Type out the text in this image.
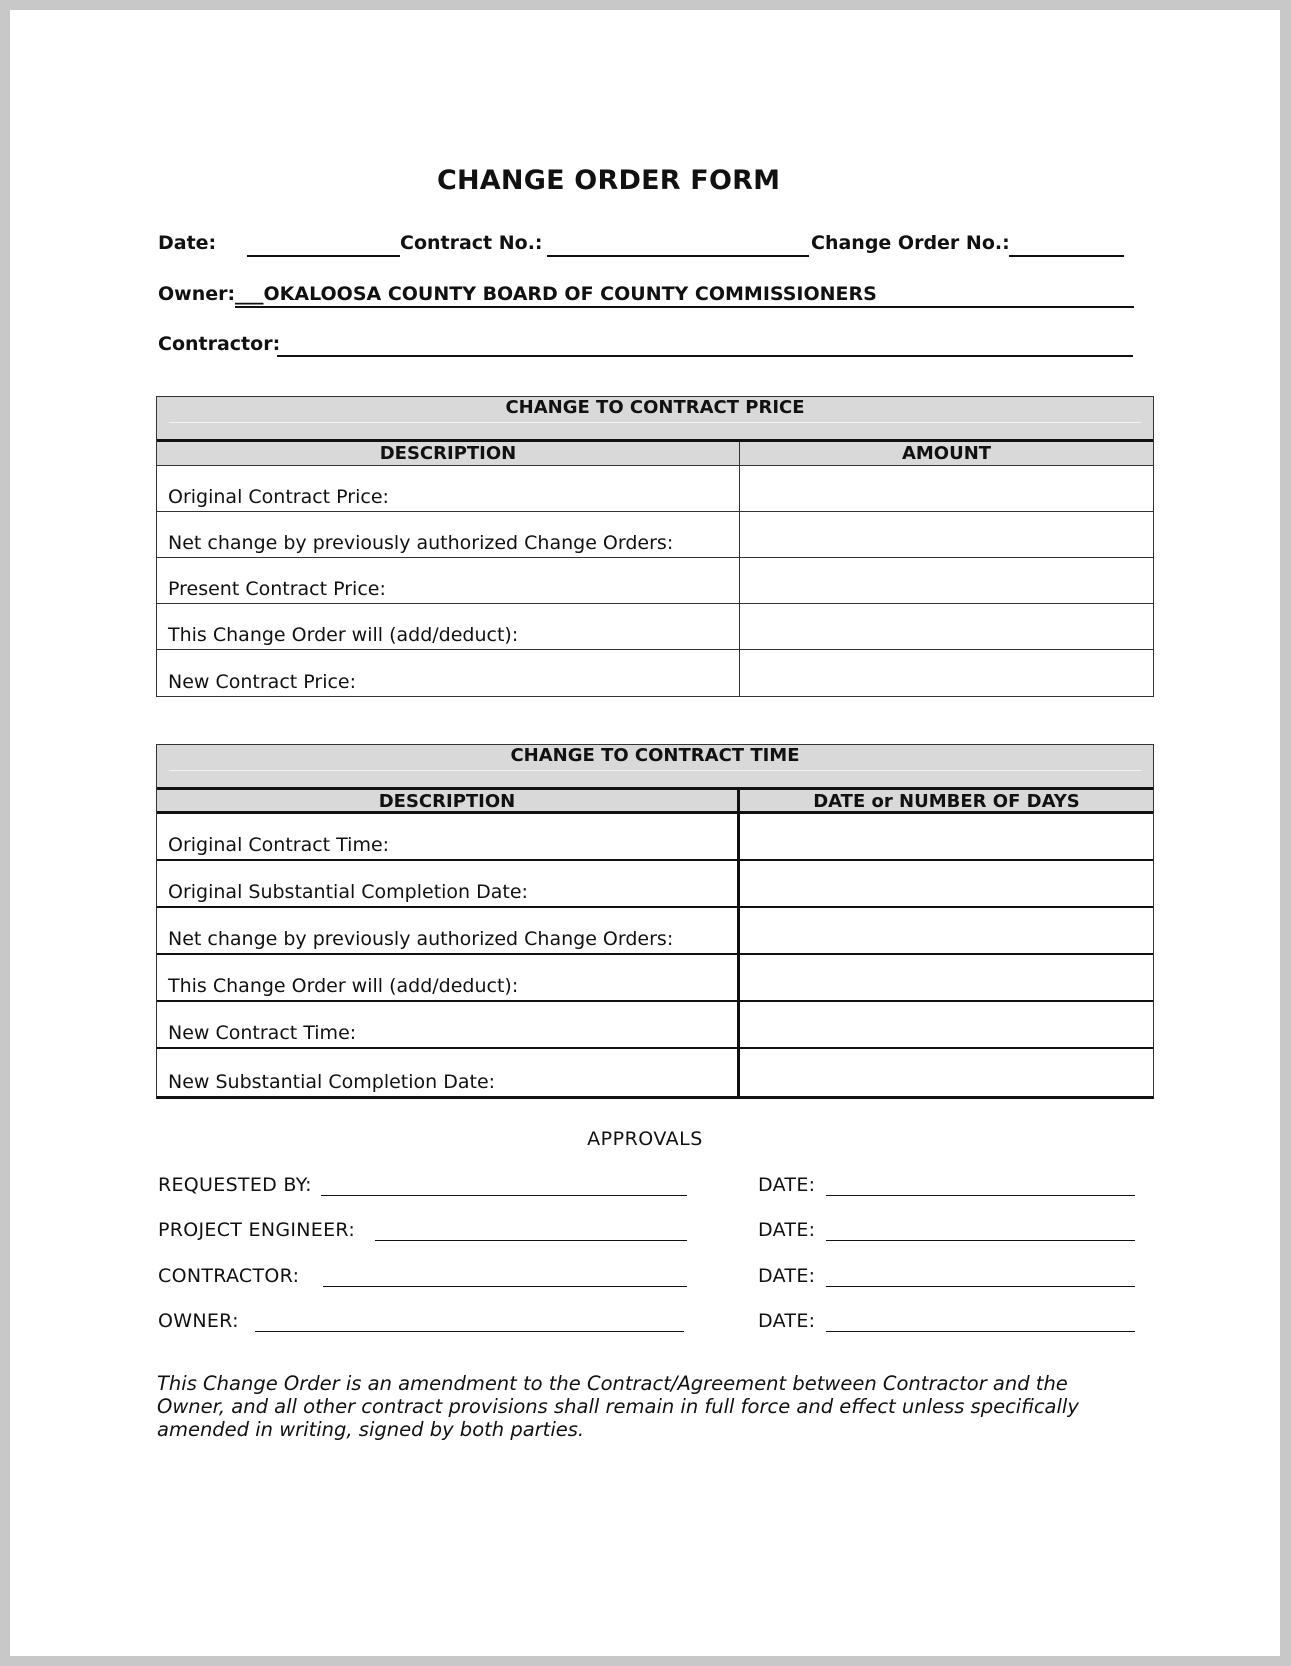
CHANGE ORDER FORM
Date:	Contract No.:	Change Order No.:
Owner: ___OKALOOSA COUNTY BOARD OF COUNTY COMMISSIONERS
Contractor:
CHANGE TO CONTRACT PRICE
DESCRIPTION	AMOUNT
Original Contract Price:
Net change by previously authorized Change Orders:
Present Contract Price:
This Change Order will (add/deduct):
New Contract Price:
CHANGE TO CONTRACT TIME
DESCRIPTION	DATE or NUMBER OF DAYS
Original Contract Time:
Original Substantial Completion Date:
Net change by previously authorized Change Orders:
This Change Order will (add/deduct):
New Contract Time:
New Substantial Completion Date:
APPROVALS
REQUESTED BY:	DATE:
PROJECT ENGINEER:	DATE:
CONTRACTOR:	DATE:
OWNER:	DATE:
This Change Order is an amendment to the Contract/Agreement between Contractor and the Owner, and all other contract provisions shall remain in full force and effect unless specifically amended in writing, signed by both parties.
